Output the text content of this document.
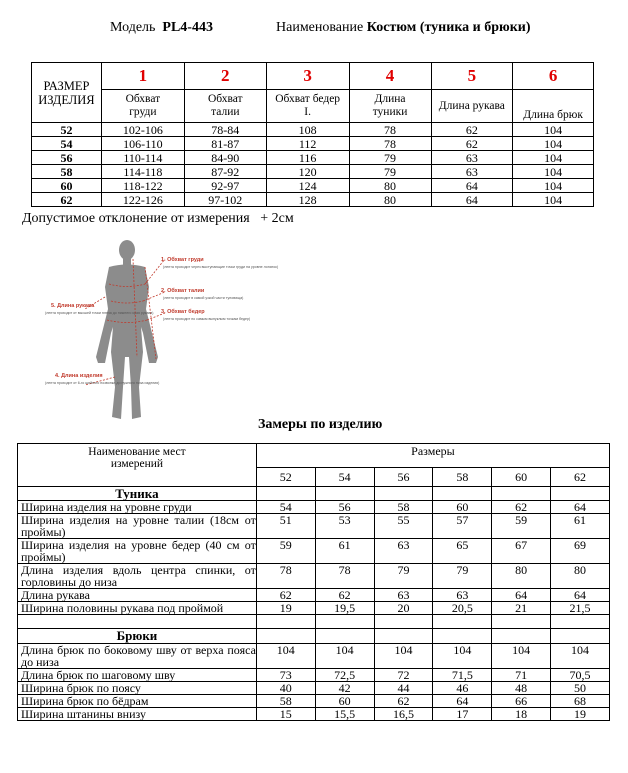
Модель PL4-443	Наименование Костюм (туника и брюки)
РАЗМЕР ИЗДЕЛИЯ	1	2	3	4	5	6
	Обхват груди	Обхват талии	Обхват бедер I.	Длина туники	Длина рукава	Длина брюк
52	102-106	78-84	108	78	62	104
54	106-110	81-87	112	78	62	104
56	110-114	84-90	116	79	63	104
58	114-118	87-92	120	79	63	104
60	118-122	92-97	124	80	64	104
62	122-126	97-102	128	80	64	104
Допустимое отклонение от измерения + 2см
1. Обхват груди
(лента проходит через выступающие точки груди на уровне лопаток)
2. Обхват талии
(лента проходит в самой узкой части туловища)
3. Обхват бедер
(лента проходит по самым выпуклым точкам бедер)
4. Длина изделия
(лента проходит от 6-го шейного позвонка до нужного низа изделия)
5. Длина рукава
(лента проходит от высшей точки плеча до нижнего края рукава)
Замеры по изделию
Наименование мест измерений	Размеры					
	52	54	56	58	60	62
Туника						
Ширина изделия на уровне груди	54	56	58	60	62	64
Ширина изделия на уровне талии (18см от проймы)	51	53	55	57	59	61
Ширина изделия на уровне бедер (40 см от проймы)	59	61	63	65	67	69
Длина изделия вдоль центра спинки, от горловины до низа	78	78	79	79	80	80
Длина рукава	62	62	63	63	64	64
Ширина половины рукава под проймой	19	19,5	20	20,5	21	21,5

Брюки						
Длина брюк по боковому шву от верха пояса до низа	104	104	104	104	104	104
Длина брюк по шаговому шву	73	72,5	72	71,5	71	70,5
Ширина брюк по поясу	40	42	44	46	48	50
Ширина брюк по бёдрам	58	60	62	64	66	68
Ширина штанины внизу	15	15,5	16,5	17	18	19
